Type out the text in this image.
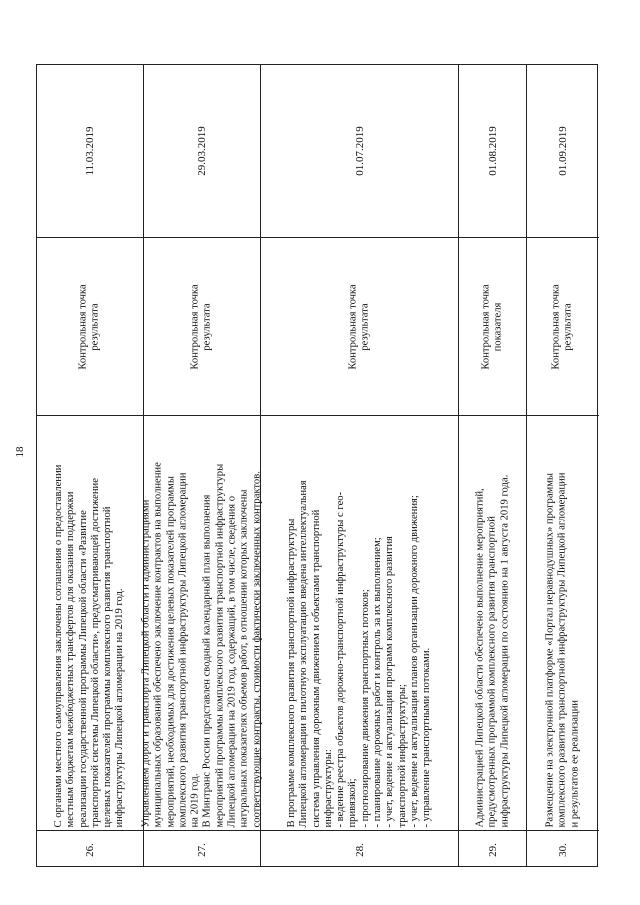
18
11.03.2019
Контрольная точка результата
С органами местного самоуправления заключены соглашения о предоставлении местным бюджетам межбюджетных трансфертов для оказания поддержки реализации государственной программы Липецкой области «Развитие транспортной системы Липецкой области», предусматривающей достижение целевых показателей программы комплексного развития транспортной инфраструктуры Липецкой агломерации на 2019 год.
26.
29.03.2019
Контрольная точка результата
Управлением дорог и транспорта Липецкой области и администрациями муниципальных образований обеспечено заключение контрактов на выполнение мероприятий, необходимых для достижения целевых показателей программы комплексного развития транспортной инфраструктуры Липецкой агломерации на 2019 год. В Минтранс России представлен сводный календарный план выполнения мероприятий программы комплексного развития транспортной инфраструктуры Липецкой агломерации на 2019 год, содержащий, в том числе, сведения о натуральных показателях объемов работ, в отношении которых заключены соответствующие контракты, стоимости фактически заключенных контрактов.
27.
01.07.2019
Контрольная точка результата
В программе комплексного развития транспортной инфраструктуры Липецкой агломерации в пилотную эксплуатацию введена интеллектуальная система управления дорожным движением и объектами транспортной инфраструктуры: - ведение реестра объектов дорожно-транспортной инфраструктуры с гео- привязкой; - прогнозирование движения транспортных потоков; - планирование дорожных работ и контроль за их выполнением; - учет, ведение и актуализация программ комплексного развития транспортной инфраструктуры; - учет, ведение и актуализация планов организации дорожного движения; - управление транспортными потоками.
28.
01.08.2019
Контрольная точка показателя
Администрацией Липецкой области обеспечено выполнение мероприятий, предусмотренных программой комплексного развития транспортной инфраструктуры Липецкой агломерации по состоянию на 1 августа 2019 года.
29.
01.09.2019
Контрольная точка результата
Размещение на электронной платформе «Портал неравнодушных» программы комплексного развития транспортной инфраструктуры Липецкой агломерации и результатов ее реализации
30.
